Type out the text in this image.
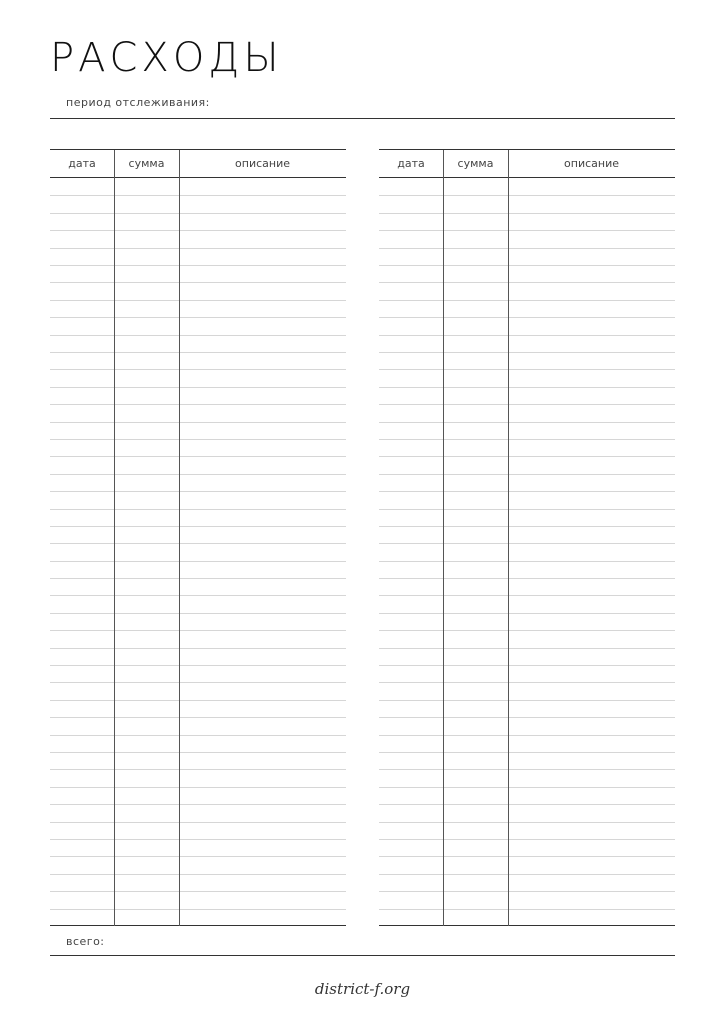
РАСХОДЫ
период отслеживания:
дата	сумма	описание	дата	сумма	описание
всего:
district-f.org
